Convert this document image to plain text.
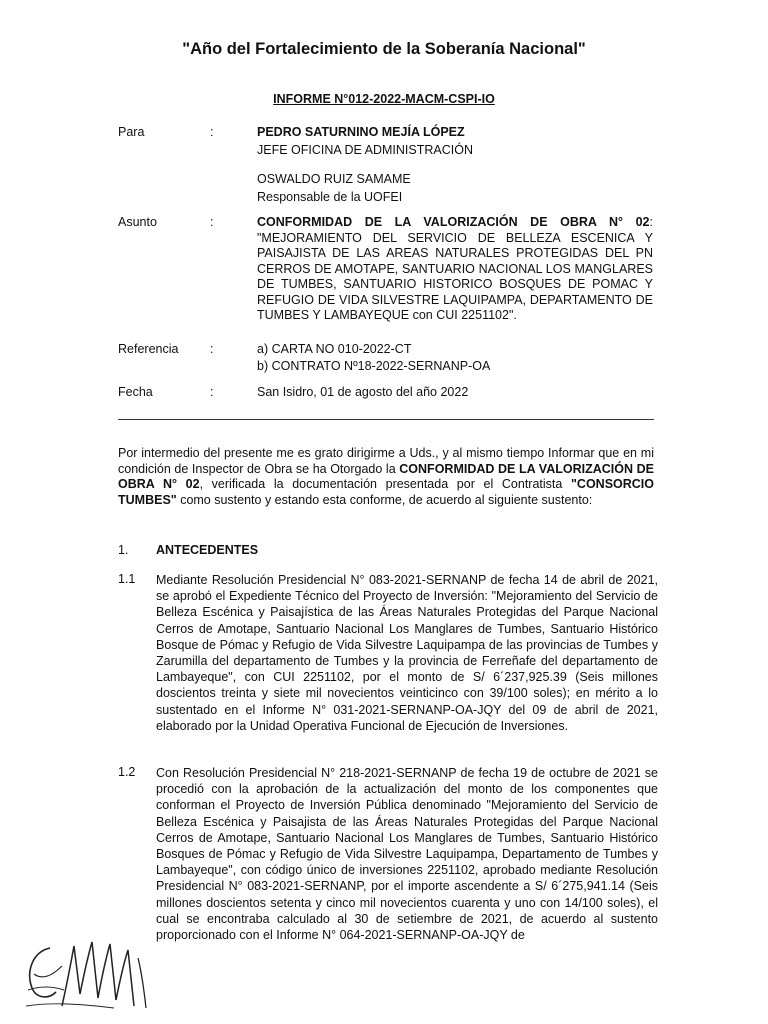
"Año del Fortalecimiento de la Soberanía Nacional"
INFORME N°012-2022-MACM-CSPI-IO
Para	:	PEDRO SATURNINO MEJÍA LÓPEZ
JEFE OFICINA DE ADMINISTRACIÓN
OSWALDO RUIZ SAMAME
Responsable de la UOFEI
Asunto	:	CONFORMIDAD DE LA VALORIZACIÓN DE OBRA N° 02: "MEJORAMIENTO DEL SERVICIO DE BELLEZA ESCENICA Y PAISAJISTA DE LAS AREAS NATURALES PROTEGIDAS DEL PN CERROS DE AMOTAPE, SANTUARIO NACIONAL LOS MANGLARES DE TUMBES, SANTUARIO HISTORICO BOSQUES DE POMAC Y REFUGIO DE VIDA SILVESTRE LAQUIPAMPA, DEPARTAMENTO DE TUMBES Y LAMBAYEQUE con CUI 2251102".
Referencia	:	a) CARTA NO 010-2022-CT
b) CONTRATO Nº18-2022-SERNANP-OA
Fecha	:	San Isidro, 01 de agosto del año 2022
Por intermedio del presente me es grato dirigirme a Uds., y al mismo tiempo Informar que en mi condición de Inspector de Obra se ha Otorgado la CONFORMIDAD DE LA VALORIZACIÓN DE OBRA N° 02, verificada la documentación presentada por el Contratista "CONSORCIO TUMBES" como sustento y estando esta conforme, de acuerdo al siguiente sustento:
1. ANTECEDENTES
1.1 Mediante Resolución Presidencial N° 083-2021-SERNANP de fecha 14 de abril de 2021, se aprobó el Expediente Técnico del Proyecto de Inversión: "Mejoramiento del Servicio de Belleza Escénica y Paisajística de las Áreas Naturales Protegidas del Parque Nacional Cerros de Amotape, Santuario Nacional Los Manglares de Tumbes, Santuario Histórico Bosque de Pómac y Refugio de Vida Silvestre Laquipampa de las provincias de Tumbes y Zarumilla del departamento de Tumbes y la provincia de Ferreñafe del departamento de Lambayeque", con CUI 2251102, por el monto de S/ 6´237,925.39 (Seis millones doscientos treinta y siete mil novecientos veinticinco con 39/100 soles); en mérito a lo sustentado en el Informe N° 031-2021-SERNANP-OA-JQY del 09 de abril de 2021, elaborado por la Unidad Operativa Funcional de Ejecución de Inversiones.
1.2 Con Resolución Presidencial N° 218-2021-SERNANP de fecha 19 de octubre de 2021 se procedió con la aprobación de la actualización del monto de los componentes que conforman el Proyecto de Inversión Pública denominado "Mejoramiento del Servicio de Belleza Escénica y Paisajista de las Áreas Naturales Protegidas del Parque Nacional Cerros de Amotape, Santuario Nacional Los Manglares de Tumbes, Santuario Histórico Bosques de Pómac y Refugio de Vida Silvestre Laquipampa, Departamento de Tumbes y Lambayeque", con código único de inversiones 2251102, aprobado mediante Resolución Presidencial N° 083-2021-SERNANP, por el importe ascendente a S/ 6´275,941.14 (Seis millones doscientos setenta y cinco mil novecientos cuarenta y uno con 14/100 soles), el cual se encontraba calculado al 30 de setiembre de 2021, de acuerdo al sustento proporcionado con el Informe N° 064-2021-SERNANP-OA-JQY de
